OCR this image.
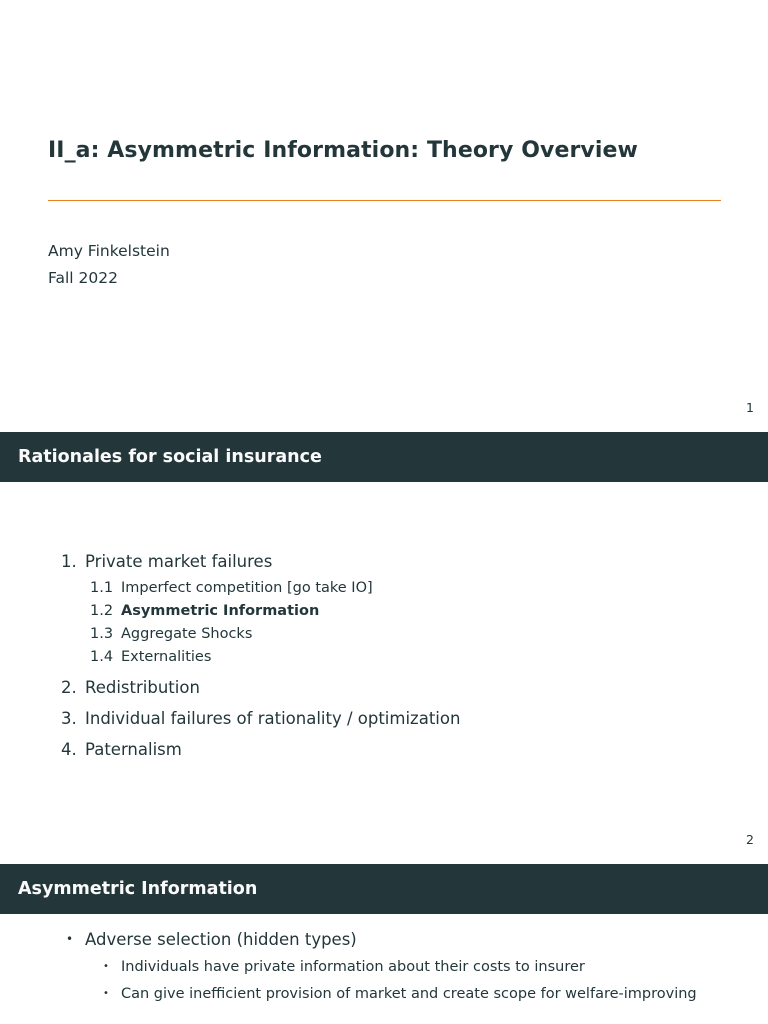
II_a: Asymmetric Information: Theory Overview
Amy Finkelstein
Fall 2022
1
Rationales for social insurance
1. Private market failures
1.1 Imperfect competition [go take IO]
1.2 Asymmetric Information
1.3 Aggregate Shocks
1.4 Externalities
2. Redistribution
3. Individual failures of rationality / optimization
4. Paternalism
2
Asymmetric Information
• Adverse selection (hidden types)
• Individuals have private information about their costs to insurer
• Can give inefficient provision of market and create scope for welfare-improving
